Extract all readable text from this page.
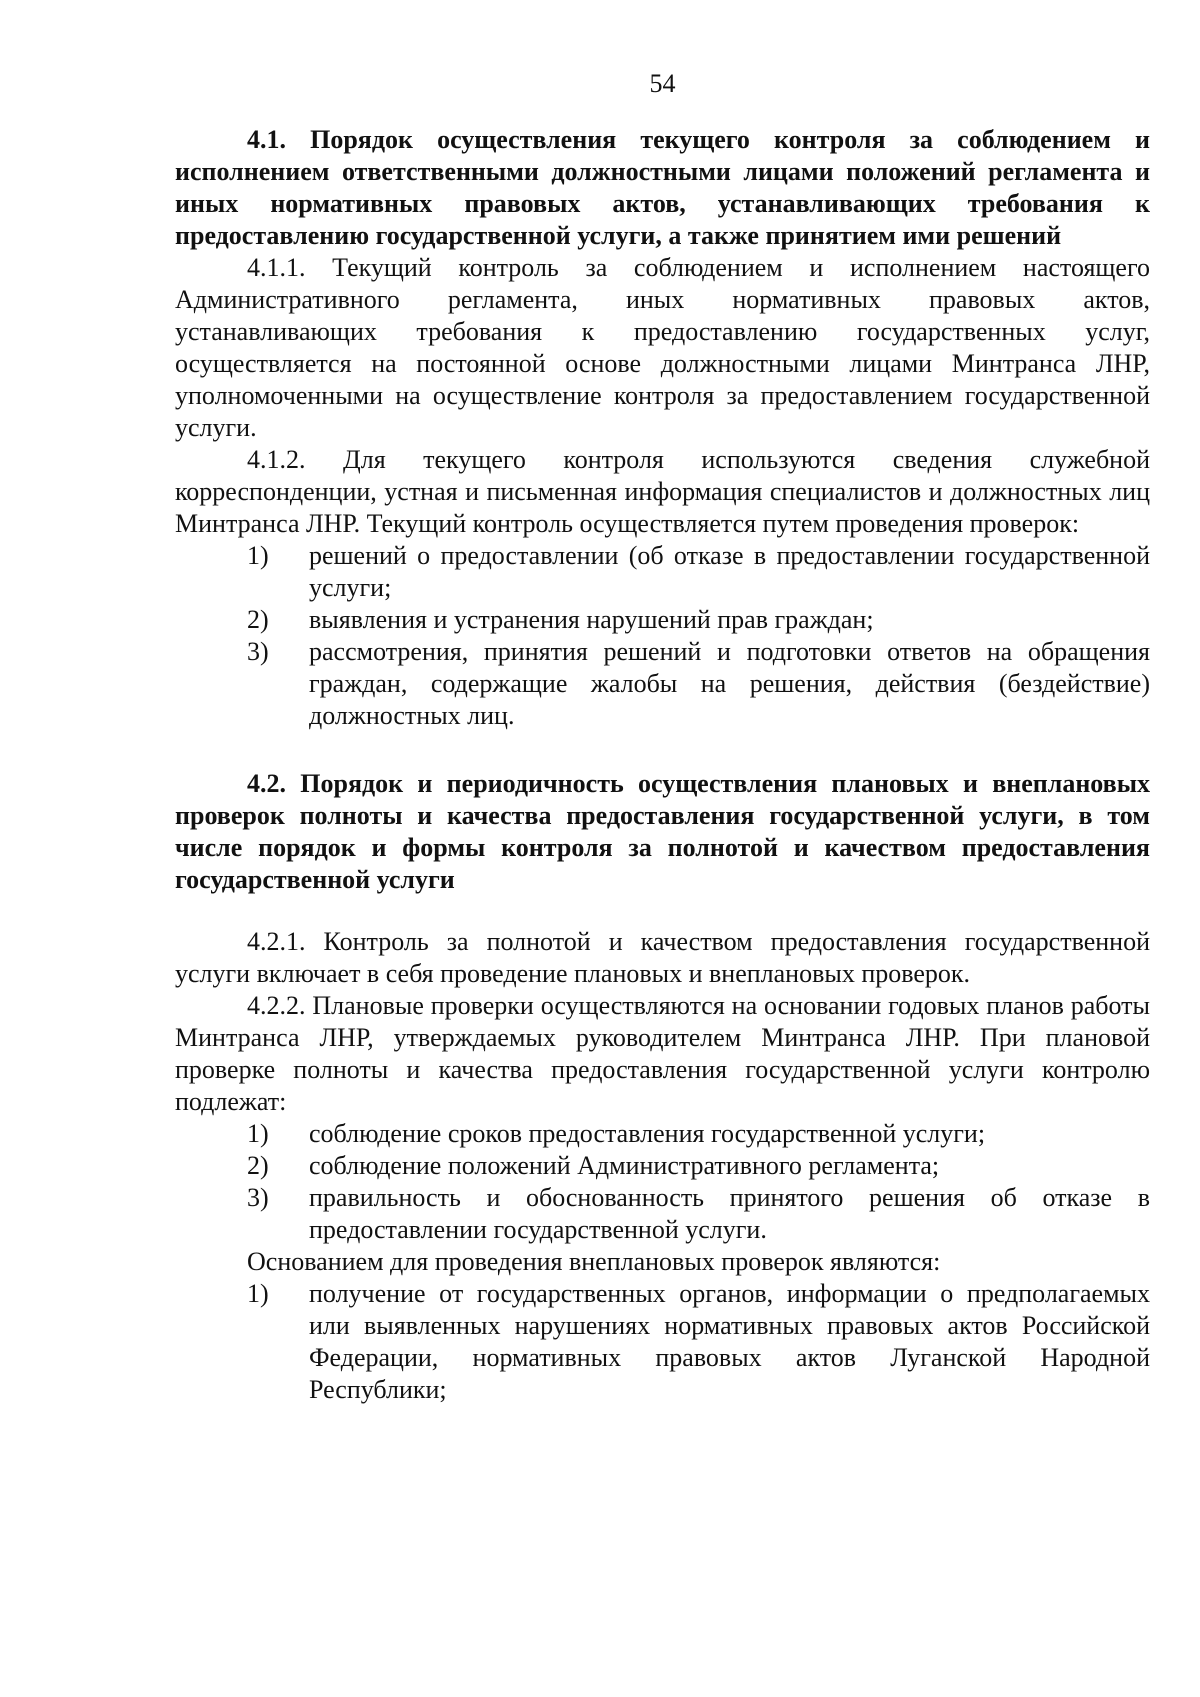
54

4.1. Порядок осуществления текущего контроля за соблюдением и исполнением ответственными должностными лицами положений регламента и иных нормативных правовых актов, устанавливающих требования к предоставлению государственной услуги, а также принятием ими решений

4.1.1. Текущий контроль за соблюдением и исполнением настоящего Административного регламента, иных нормативных правовых актов, устанавливающих требования к предоставлению государственных услуг, осуществляется на постоянной основе должностными лицами Минтранса ЛНР, уполномоченными на осуществление контроля за предоставлением государственной услуги.

4.1.2. Для текущего контроля используются сведения служебной корреспонденции, устная и письменная информация специалистов и должностных лиц Минтранса ЛНР. Текущий контроль осуществляется путем проведения проверок:

1)	решений о предоставлении (об отказе в предоставлении государственной услуги;
2)	выявления и устранения нарушений прав граждан;
3)	рассмотрения, принятия решений и подготовки ответов на обращения граждан, содержащие жалобы на решения, действия (бездействие) должностных лиц.

4.2. Порядок и периодичность осуществления плановых и внеплановых проверок полноты и качества предоставления государственной услуги, в том числе порядок и формы контроля за полнотой и качеством предоставления государственной услуги

4.2.1. Контроль за полнотой и качеством предоставления государственной услуги включает в себя проведение плановых и внеплановых проверок.

4.2.2. Плановые проверки осуществляются на основании годовых планов работы Минтранса ЛНР, утверждаемых руководителем Минтранса ЛНР. При плановой проверке полноты и качества предоставления государственной услуги контролю подлежат:

1)	соблюдение сроков предоставления государственной услуги;
2)	соблюдение положений Административного регламента;
3)	правильность и обоснованность принятого решения об отказе в предоставлении государственной услуги.

Основанием для проведения внеплановых проверок являются:

1)	получение от государственных органов, информации о предполагаемых или выявленных нарушениях нормативных правовых актов Российской Федерации, нормативных правовых актов Луганской Народной Республики;
